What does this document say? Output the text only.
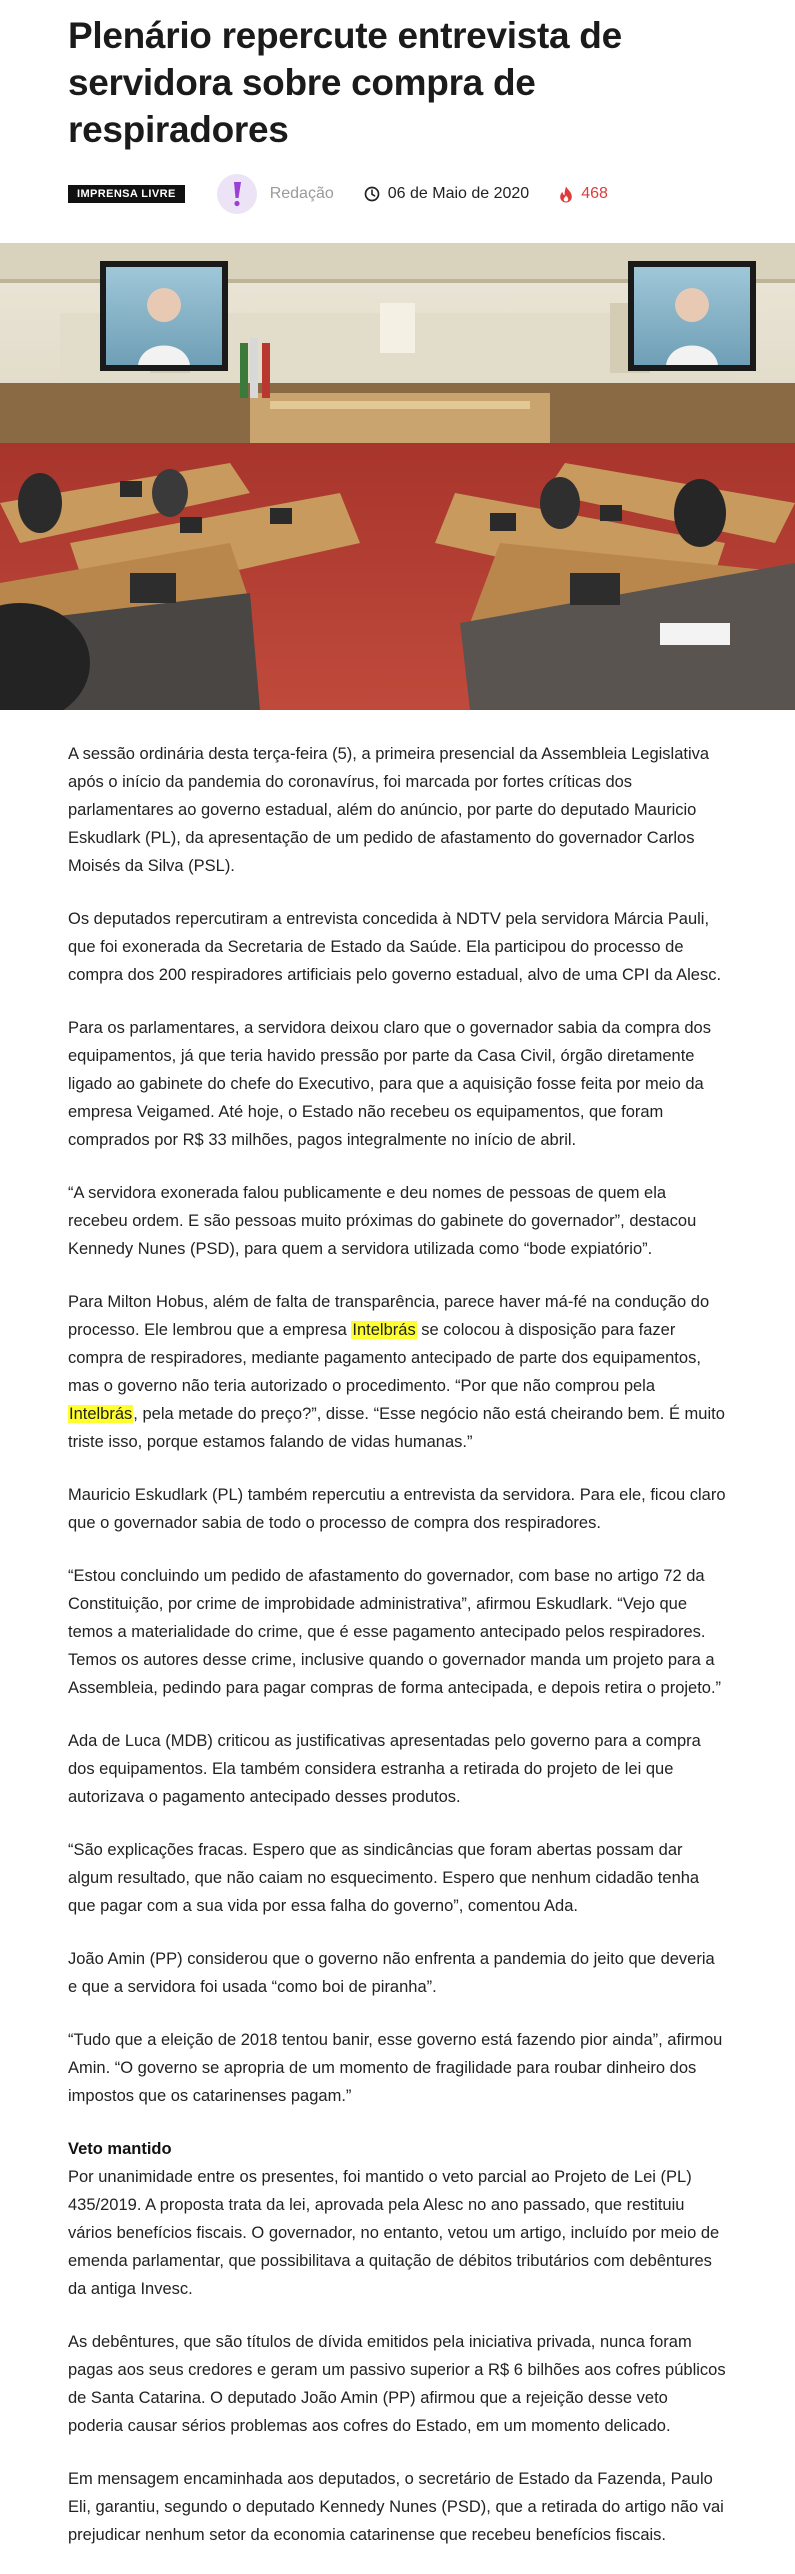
Plenário repercute entrevista de servidora sobre compra de respiradores
IMPRENSA LIVRE	Redação	06 de Maio de 2020	468

A sessão ordinária desta terça-feira (5), a primeira presencial da Assembleia Legislativa após o início da pandemia do coronavírus, foi marcada por fortes críticas dos parlamentares ao governo estadual, além do anúncio, por parte do deputado Mauricio Eskudlark (PL), da apresentação de um pedido de afastamento do governador Carlos Moisés da Silva (PSL).

Os deputados repercutiram a entrevista concedida à NDTV pela servidora Márcia Pauli, que foi exonerada da Secretaria de Estado da Saúde. Ela participou do processo de compra dos 200 respiradores artificiais pelo governo estadual, alvo de uma CPI da Alesc.

Para os parlamentares, a servidora deixou claro que o governador sabia da compra dos equipamentos, já que teria havido pressão por parte da Casa Civil, órgão diretamente ligado ao gabinete do chefe do Executivo, para que a aquisição fosse feita por meio da empresa Veigamed. Até hoje, o Estado não recebeu os equipamentos, que foram comprados por R$ 33 milhões, pagos integralmente no início de abril.

“A servidora exonerada falou publicamente e deu nomes de pessoas de quem ela recebeu ordem. E são pessoas muito próximas do gabinete do governador”, destacou Kennedy Nunes (PSD), para quem a servidora utilizada como “bode expiatório”.

Para Milton Hobus, além de falta de transparência, parece haver má-fé na condução do processo. Ele lembrou que a empresa Intelbrás se colocou à disposição para fazer compra de respiradores, mediante pagamento antecipado de parte dos equipamentos, mas o governo não teria autorizado o procedimento. “Por que não comprou pela Intelbrás, pela metade do preço?”, disse. “Esse negócio não está cheirando bem. É muito triste isso, porque estamos falando de vidas humanas.”

Mauricio Eskudlark (PL) também repercutiu a entrevista da servidora. Para ele, ficou claro que o governador sabia de todo o processo de compra dos respiradores.

“Estou concluindo um pedido de afastamento do governador, com base no artigo 72 da Constituição, por crime de improbidade administrativa”, afirmou Eskudlark. “Vejo que temos a materialidade do crime, que é esse pagamento antecipado pelos respiradores. Temos os autores desse crime, inclusive quando o governador manda um projeto para a Assembleia, pedindo para pagar compras de forma antecipada, e depois retira o projeto.”

Ada de Luca (MDB) criticou as justificativas apresentadas pelo governo para a compra dos equipamentos. Ela também considera estranha a retirada do projeto de lei que autorizava o pagamento antecipado desses produtos.

“São explicações fracas. Espero que as sindicâncias que foram abertas possam dar algum resultado, que não caiam no esquecimento. Espero que nenhum cidadão tenha que pagar com a sua vida por essa falha do governo”, comentou Ada.

João Amin (PP) considerou que o governo não enfrenta a pandemia do jeito que deveria e que a servidora foi usada “como boi de piranha”.

“Tudo que a eleição de 2018 tentou banir, esse governo está fazendo pior ainda”, afirmou Amin. “O governo se apropria de um momento de fragilidade para roubar dinheiro dos impostos que os catarinenses pagam.”

Veto mantido

Por unanimidade entre os presentes, foi mantido o veto parcial ao Projeto de Lei (PL) 435/2019. A proposta trata da lei, aprovada pela Alesc no ano passado, que restituiu vários benefícios fiscais. O governador, no entanto, vetou um artigo, incluído por meio de emenda parlamentar, que possibilitava a quitação de débitos tributários com debêntures da antiga Invesc.

As debêntures, que são títulos de dívida emitidos pela iniciativa privada, nunca foram pagas aos seus credores e geram um passivo superior a R$ 6 bilhões aos cofres públicos de Santa Catarina. O deputado João Amin (PP) afirmou que a rejeição desse veto poderia causar sérios problemas aos cofres do Estado, em um momento delicado.

Em mensagem encaminhada aos deputados, o secretário de Estado da Fazenda, Paulo Eli, garantiu, segundo o deputado Kennedy Nunes (PSD), que a retirada do artigo não vai prejudicar nenhum setor da economia catarinense que recebeu benefícios fiscais.
